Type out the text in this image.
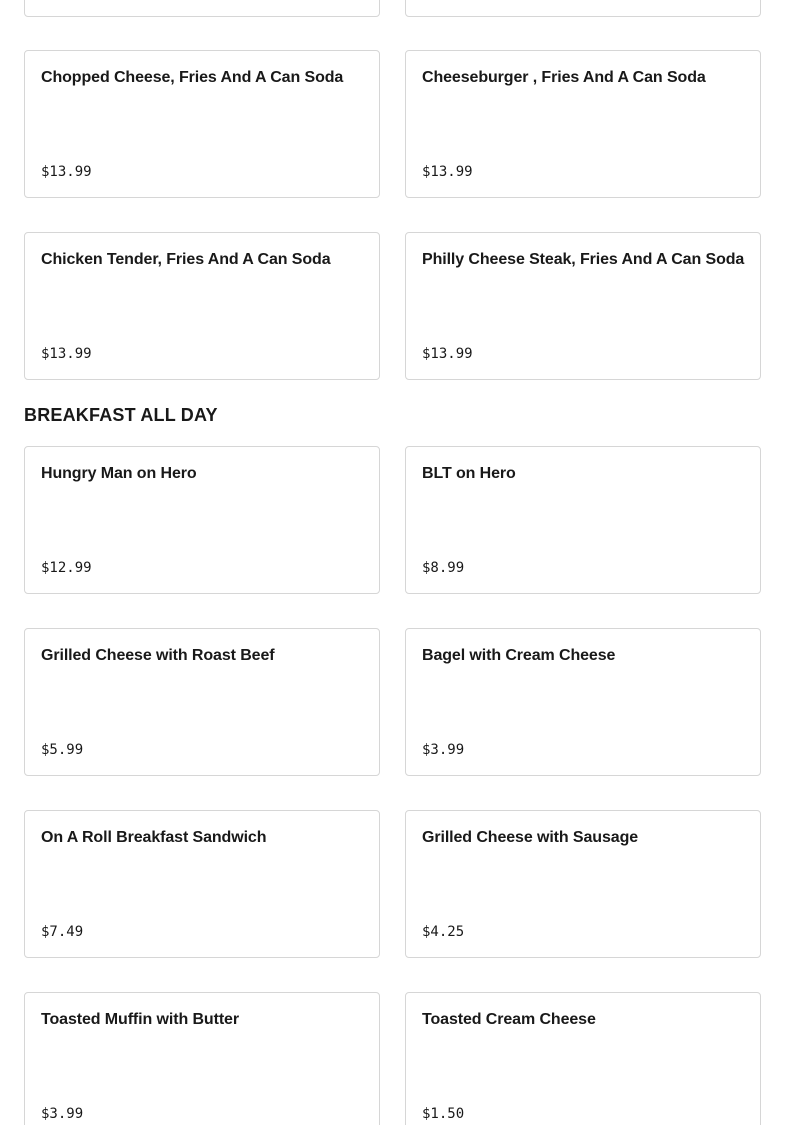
Chopped Cheese, Fries And A Can Soda
$13.99
Cheeseburger , Fries And A Can Soda
$13.99
Chicken Tender, Fries And A Can Soda
$13.99
Philly Cheese Steak, Fries And A Can Soda
$13.99
BREAKFAST ALL DAY
Hungry Man on Hero
$12.99
BLT on Hero
$8.99
Grilled Cheese with Roast Beef
$5.99
Bagel with Cream Cheese
$3.99
On A Roll Breakfast Sandwich
$7.49
Grilled Cheese with Sausage
$4.25
Toasted Muffin with Butter
$3.99
Toasted Cream Cheese
$1.50
